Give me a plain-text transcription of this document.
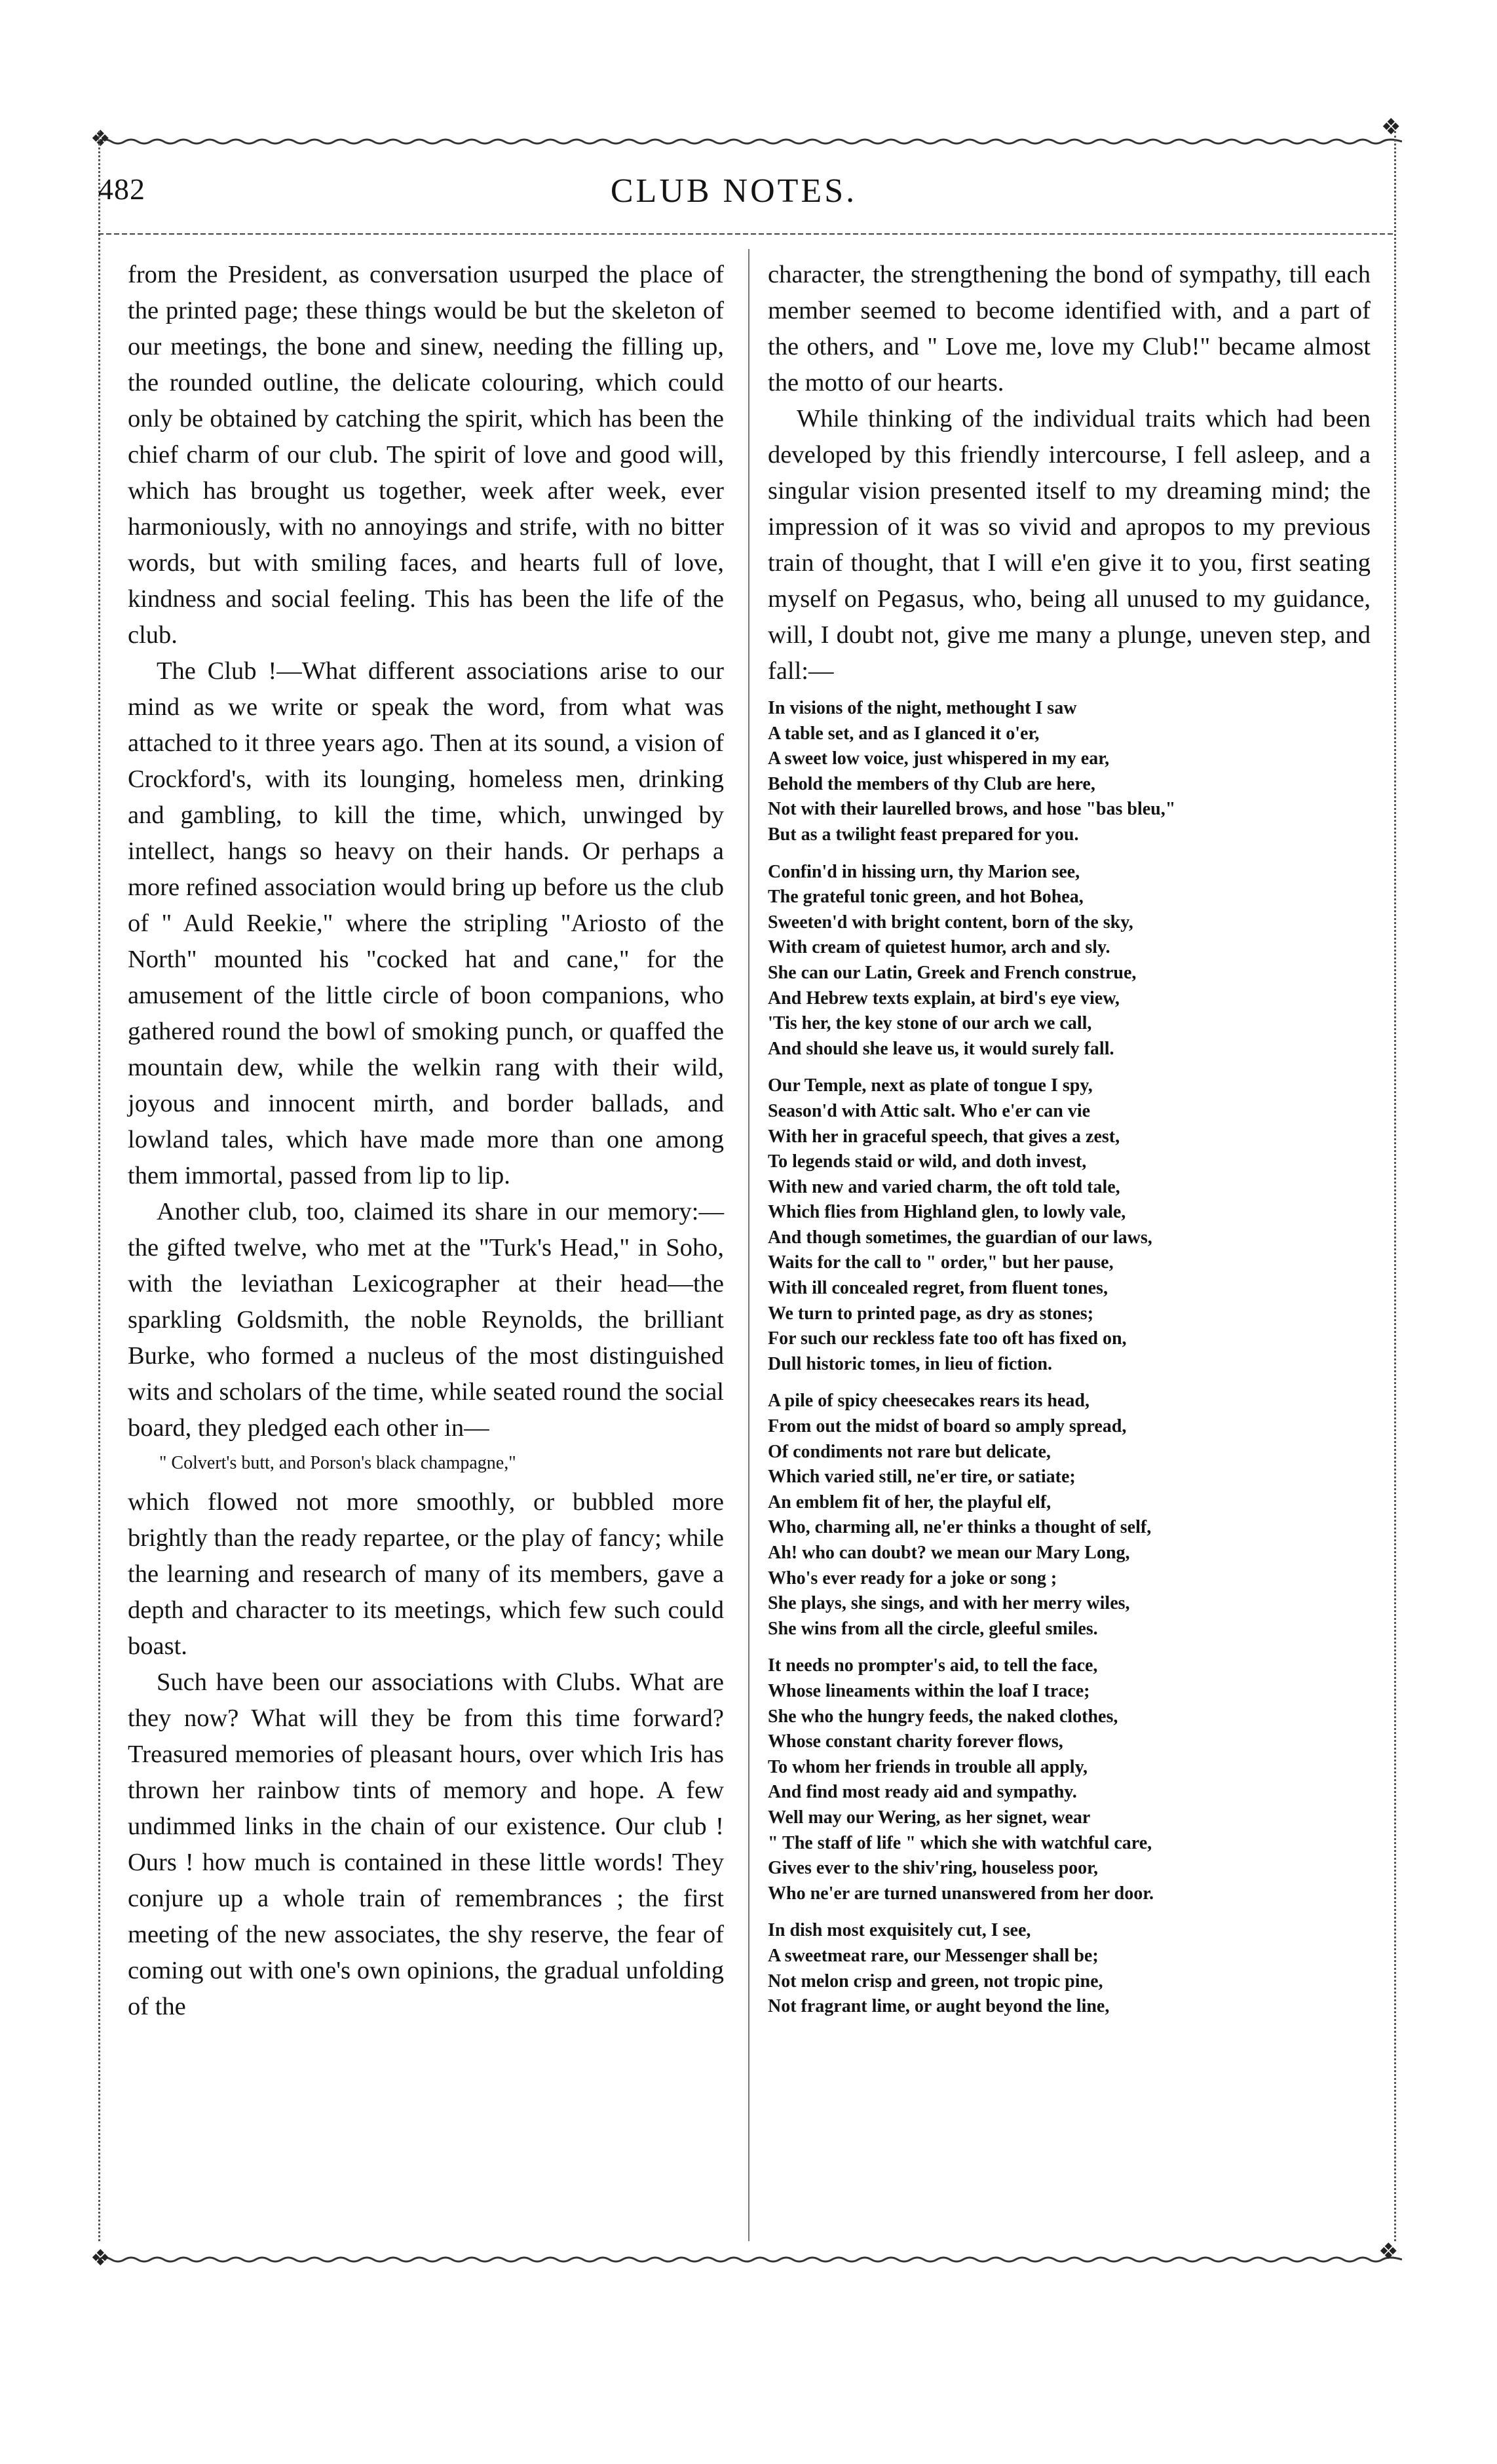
❖	❖
482	CLUB NOTES.

from the President, as conversation usurped the place of the printed page; these things would be but the skeleton of our meetings, the bone and sinew, needing the filling up, the rounded outline, the delicate colouring, which could only be obtained by catching the spirit, which has been the chief charm of our club. The spirit of love and good will, which has brought us together, week after week, ever harmoniously, with no annoyings and strife, with no bitter words, but with smiling faces, and hearts full of love, kindness and social feeling. This has been the life of the club.

The Club !—What different associations arise to our mind as we write or speak the word, from what was attached to it three years ago. Then at its sound, a vision of Crockford's, with its lounging, homeless men, drinking and gambling, to kill the time, which, unwinged by intellect, hangs so heavy on their hands. Or perhaps a more refined association would bring up before us the club of " Auld Reekie," where the stripling "Ariosto of the North" mounted his "cocked hat and cane," for the amusement of the little circle of boon companions, who gathered round the bowl of smoking punch, or quaffed the mountain dew, while the welkin rang with their wild, joyous and innocent mirth, and border ballads, and lowland tales, which have made more than one among them immortal, passed from lip to lip.

Another club, too, claimed its share in our memory:—the gifted twelve, who met at the "Turk's Head," in Soho, with the leviathan Lexicographer at their head—the sparkling Goldsmith, the noble Reynolds, the brilliant Burke, who formed a nucleus of the most distinguished wits and scholars of the time, while seated round the social board, they pledged each other in—

" Colvert's butt, and Porson's black champagne,"

which flowed not more smoothly, or bubbled more brightly than the ready repartee, or the play of fancy; while the learning and research of many of its members, gave a depth and character to its meetings, which few such could boast.

Such have been our associations with Clubs. What are they now? What will they be from this time forward? Treasured memories of pleasant hours, over which Iris has thrown her rainbow tints of memory and hope. A few undimmed links in the chain of our existence. Our club ! Ours ! how much is contained in these little words! They conjure up a whole train of remembrances ; the first meeting of the new associates, the shy reserve, the fear of coming out with one's own opinions, the gradual unfolding of the

character, the strengthening the bond of sympathy, till each member seemed to become identified with, and a part of the others, and " Love me, love my Club!" became almost the motto of our hearts.

While thinking of the individual traits which had been developed by this friendly intercourse, I fell asleep, and a singular vision presented itself to my dreaming mind; the impression of it was so vivid and apropos to my previous train of thought, that I will e'en give it to you, first seating myself on Pegasus, who, being all unused to my guidance, will, I doubt not, give me many a plunge, uneven step, and fall:—

In visions of the night, methought I saw
A table set, and as I glanced it o'er,
A sweet low voice, just whispered in my ear,
Behold the members of thy Club are here,
Not with their laurelled brows, and hose "bas bleu,"
But as a twilight feast prepared for you.
Confin'd in hissing urn, thy Marion see,
The grateful tonic green, and hot Bohea,
Sweeten'd with bright content, born of the sky,
With cream of quietest humor, arch and sly.
She can our Latin, Greek and French construe,
And Hebrew texts explain, at bird's eye view,
'Tis her, the key stone of our arch we call,
And should she leave us, it would surely fall.
Our Temple, next as plate of tongue I spy,
Season'd with Attic salt. Who e'er can vie
With her in graceful speech, that gives a zest,
To legends staid or wild, and doth invest,
With new and varied charm, the oft told tale,
Which flies from Highland glen, to lowly vale,
And though sometimes, the guardian of our laws,
Waits for the call to " order," but her pause,
With ill concealed regret, from fluent tones,
We turn to printed page, as dry as stones;
For such our reckless fate too oft has fixed on,
Dull historic tomes, in lieu of fiction.
A pile of spicy cheesecakes rears its head,
From out the midst of board so amply spread,
Of condiments not rare but delicate,
Which varied still, ne'er tire, or satiate;
An emblem fit of her, the playful elf,
Who, charming all, ne'er thinks a thought of self,
Ah! who can doubt? we mean our Mary Long,
Who's ever ready for a joke or song ;
She plays, she sings, and with her merry wiles,
She wins from all the circle, gleeful smiles.
It needs no prompter's aid, to tell the face,
Whose lineaments within the loaf I trace;
She who the hungry feeds, the naked clothes,
Whose constant charity forever flows,
To whom her friends in trouble all apply,
And find most ready aid and sympathy.
Well may our Wering, as her signet, wear
" The staff of life " which she with watchful care,
Gives ever to the shiv'ring, houseless poor,
Who ne'er are turned unanswered from her door.
In dish most exquisitely cut, I see,
A sweetmeat rare, our Messenger shall be;
Not melon crisp and green, not tropic pine,
Not fragrant lime, or aught beyond the line,
❖	❖
